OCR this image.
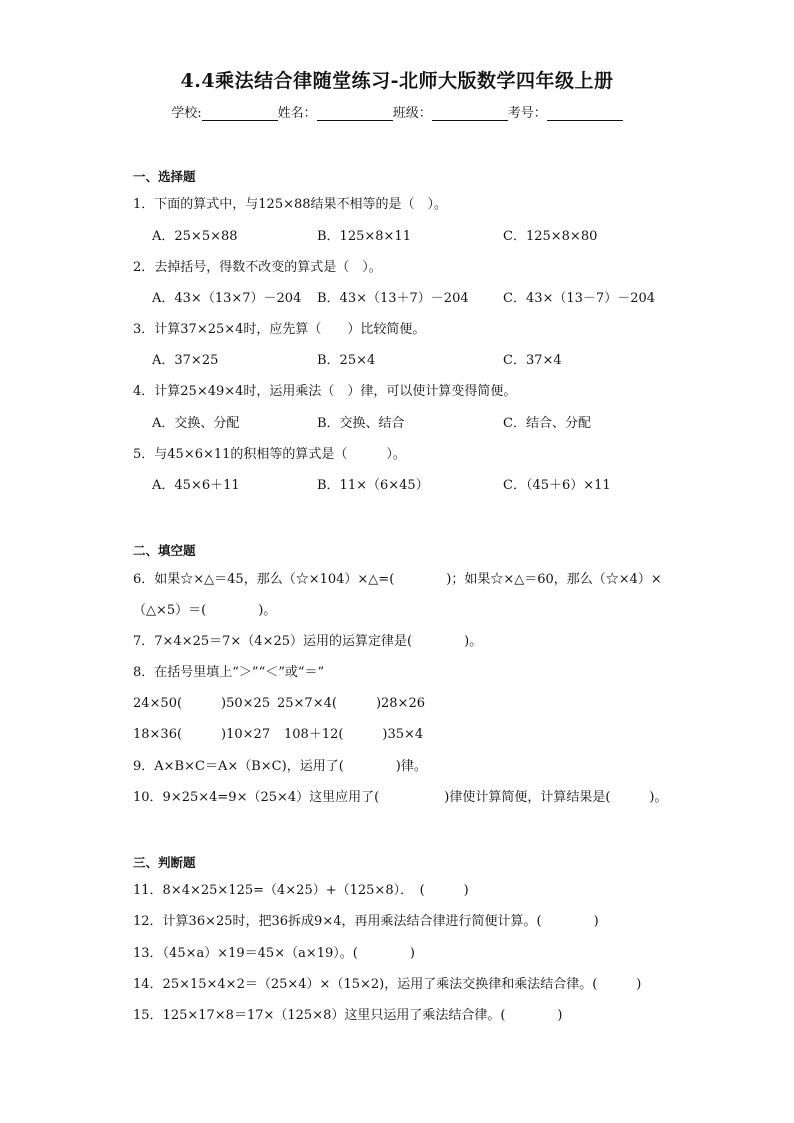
4.4乘法结合律随堂练习-北师大版数学四年级上册
学校:	姓名：	班级：	考号：
一、选择题
1．下面的算式中，与125×88结果不相等的是（　）。
A．25×5×88	B．125×8×11	C．125×8×80
2．去掉括号，得数不改变的算式是（　）。
A．43×（13×7）－204 B．43×（13＋7）－204	C．43×（13－7）－204
3．计算37×25×4时，应先算（　　）比较简便。
A．37×25	B．25×4	C．37×4
4．计算25×49×4时，运用乘法（　）律，可以使计算变得简便。
A．交换、分配	B．交换、结合	C．结合、分配
5．与45×6×11的积相等的算式是（　　　）。
A．45×6＋11	B．11×（6×45）	C．（45＋6）×11
二、填空题
6．如果☆×△＝45，那么（☆×104）×△=(　　　　)；如果☆×△＝60，那么（☆×4）×
（△×5）＝(　　　　)。
7．7×4×25＝7×（4×25）运用的运算定律是(　　　　)。
8．在括号里填上“＞”“＜”或“＝”
24×50(　　　)50×25 25×7×4(　　　)28×26
18×36(　　　)10×27 108＋12(　　　)35×4
9．A×B×C＝A×（B×C)，运用了(　　　　)律。
10．9×25×4=9×（25×4）这里应用了(　　　　　)律使计算简便，计算结果是(　　　)。
三、判断题
11．8×4×25×125=（4×25）+（125×8）．　(　　　)
12．计算36×25时，把36拆成9×4，再用乘法结合律进行简便计算。(　　　　)
13．（45×a）×19＝45×（a×19）。(　　　　)
14．25×15×4×2＝（25×4）×（15×2)，运用了乘法交换律和乘法结合律。(　　　)
15．125×17×8＝17×（125×8）这里只运用了乘法结合律。(　　　　)
